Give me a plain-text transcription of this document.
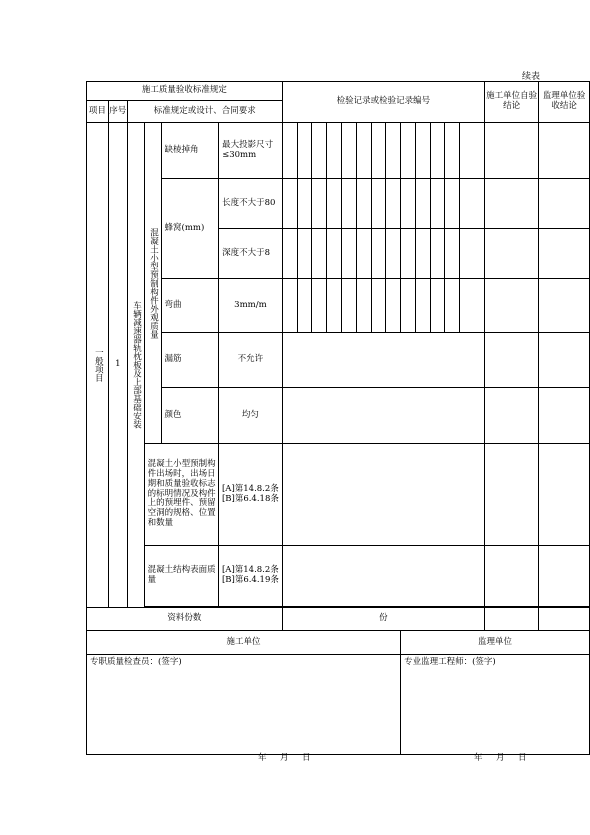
续表
施工质量验收标准规定						检验记录或检验记录编号													施工单位自验结论	监理单位验收结论
项目	序号	标准规定或设计、合同要求																		
一般项目	1	车辆减速器轨枕板及上部基础安装	混凝土小型预制构件外观质量	缺棱掉角	最大投影尺寸≤30mm															
				蜂窝(mm)	长度不大于80															
					深度不大于8															
				弯曲	3mm/m															
				漏筋	不允许															
				颜色	均匀															
			混凝土小型预制构件出场时，出场日期和质量验收标志的标明情况及构件上的预埋件、预留空洞的规格、位置和数量		[A]第14.8.2条 [B]第6.4.18条															
			混凝土结构表面质量		[A]第14.8.2条 [B]第6.4.19条															

资料份数						份														
施工单位														监理单位						
专职质量检查员：(签字)														专业监理工程师：(签字)						
年 月 日	年 月 日
